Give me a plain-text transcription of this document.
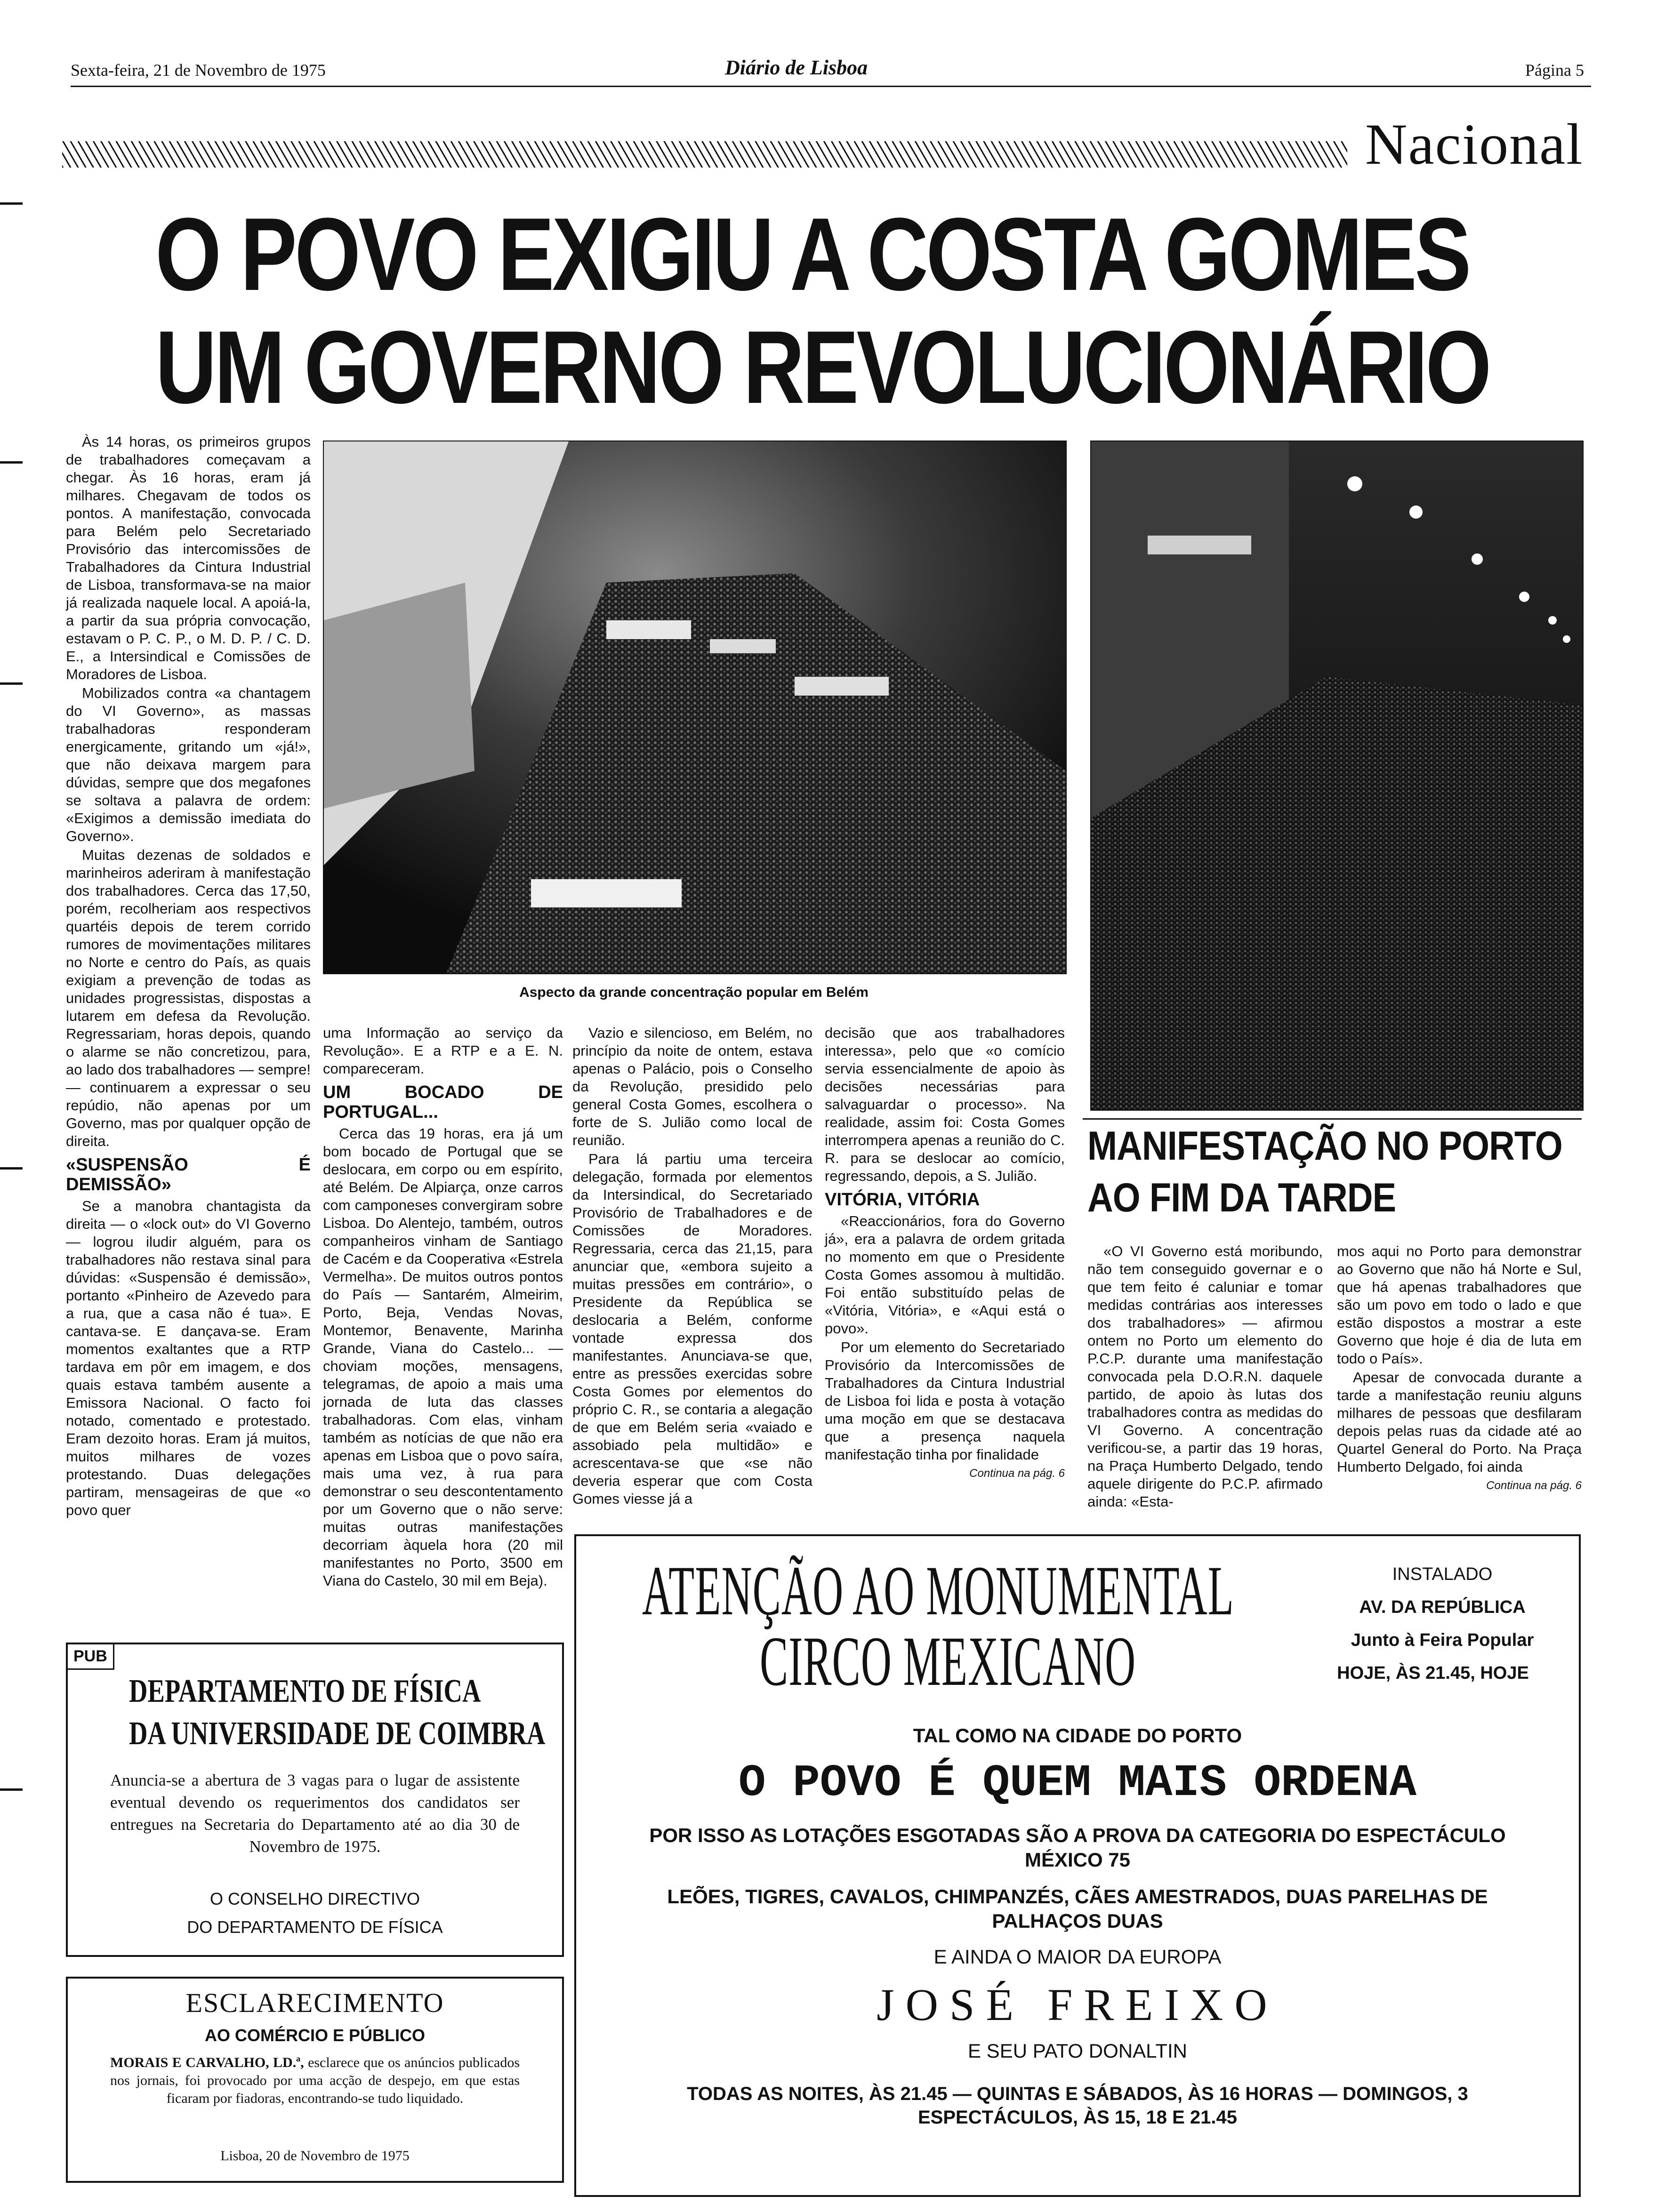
Sexta-feira, 21 de Novembro de 1975	Diário de Lisboa	Página 5
Nacional
O POVO EXIGIU A COSTA GOMES
UM GOVERNO REVOLUCIONÁRIO

Às 14 horas, os primeiros grupos de trabalhadores começavam a chegar. Às 16 horas, eram já milhares. Chegavam de todos os pontos. A manifestação, convocada para Belém pelo Secretariado Provisório das intercomissões de Trabalhadores da Cintura Industrial de Lisboa, transformava-se na maior já realizada naquele local. A apoiá-la, a partir da sua própria convocação, estavam o P. C. P., o M. D. P. / C. D. E., a Intersindical e Comissões de Moradores de Lisboa.

Mobilizados contra «a chantagem do VI Governo», as massas trabalhadoras responderam energicamente, gritando um «já!», que não deixava margem para dúvidas, sempre que dos megafones se soltava a palavra de ordem: «Exigimos a demissão imediata do Governo».

Muitas dezenas de soldados e marinheiros aderiram à manifestação dos trabalhadores. Cerca das 17,50, porém, recolheriam aos respectivos quartéis depois de terem corrido rumores de movimentações militares no Norte e centro do País, as quais exigiam a prevenção de todas as unidades progressistas, dispostas a lutarem em defesa da Revolução. Regressariam, horas depois, quando o alarme se não concretizou, para, ao lado dos trabalhadores — sempre! — continuarem a expressar o seu repúdio, não apenas por um Governo, mas por qualquer opção de direita.

«SUSPENSÃO É DEMISSÃO»

Se a manobra chantagista da direita — o «lock out» do VI Governo — logrou iludir alguém, para os trabalhadores não restava sinal para dúvidas: «Suspensão é demissão», portanto «Pinheiro de Azevedo para a rua, que a casa não é tua». E cantava-se. E dançava-se. Eram momentos exaltantes que a RTP tardava em pôr em imagem, e dos quais estava também ausente a Emissora Nacional. O facto foi notado, comentado e protestado. Eram dezoito horas. Eram já muitos, muitos milhares de vozes protestando. Duas delegações partiram, mensageiras de que «o povo quer

Aspecto da grande concentração popular em Belém

uma Informação ao serviço da Revolução». E a RTP e a E. N. compareceram.

UM BOCADO DE PORTUGAL...

Cerca das 19 horas, era já um bom bocado de Portugal que se deslocara, em corpo ou em espírito, até Belém. De Alpiarça, onze carros com camponeses convergiram sobre Lisboa. Do Alentejo, também, outros companheiros vinham de Santiago de Cacém e da Cooperativa «Estrela Vermelha». De muitos outros pontos do País — Santarém, Almeirim, Porto, Beja, Vendas Novas, Montemor, Benavente, Marinha Grande, Viana do Castelo... — choviam moções, mensagens, telegramas, de apoio a mais uma jornada de luta das classes trabalhadoras. Com elas, vinham também as notícias de que não era apenas em Lisboa que o povo saíra, mais uma vez, à rua para demonstrar o seu descontentamento por um Governo que o não serve: muitas outras manifestações decorriam àquela hora (20 mil manifestantes no Porto, 3500 em Viana do Castelo, 30 mil em Beja).

Vazio e silencioso, em Belém, no princípio da noite de ontem, estava apenas o Palácio, pois o Conselho da Revolução, presidido pelo general Costa Gomes, escolhera o forte de S. Julião como local de reunião.

Para lá partiu uma terceira delegação, formada por elementos da Intersindical, do Secretariado Provisório de Trabalhadores e de Comissões de Moradores. Regressaria, cerca das 21,15, para anunciar que, «embora sujeito a muitas pressões em contrário», o Presidente da República se deslocaria a Belém, conforme vontade expressa dos manifestantes. Anunciava-se que, entre as pressões exercidas sobre Costa Gomes por elementos do próprio C. R., se contaria a alegação de que em Belém seria «vaiado e assobiado pela multidão» e acrescentava-se que «se não deveria esperar que com Costa Gomes viesse já a

decisão que aos trabalhadores interessa», pelo que «o comício servia essencialmente de apoio às decisões necessárias para salvaguardar o processo». Na realidade, assim foi: Costa Gomes interrompera apenas a reunião do C. R. para se deslocar ao comício, regressando, depois, a S. Julião.

VITÓRIA, VITÓRIA

«Reaccionários, fora do Governo já», era a palavra de ordem gritada no momento em que o Presidente Costa Gomes assomou à multidão. Foi então substituído pelas de «Vitória, Vitória», e «Aqui está o povo».

Por um elemento do Secretariado Provisório da Intercomissões de Trabalhadores da Cintura Industrial de Lisboa foi lida e posta à votação uma moção em que se destacava que a presença naquela manifestação tinha por finalidade

Continua na pág. 6
MANIFESTAÇÃO NO PORTO
AO FIM DA TARDE

«O VI Governo está moribundo, não tem conseguido governar e o que tem feito é caluniar e tomar medidas contrárias aos interesses dos trabalhadores» — afirmou ontem no Porto um elemento do P.C.P. durante uma manifestação convocada pela D.O.R.N. daquele partido, de apoio às lutas dos trabalhadores contra as medidas do VI Governo. A concentração verificou-se, a partir das 19 horas, na Praça Humberto Delgado, tendo aquele dirigente do P.C.P. afirmado ainda: «Esta-

mos aqui no Porto para demonstrar ao Governo que não há Norte e Sul, que há apenas trabalhadores que são um povo em todo o lado e que estão dispostos a mostrar a este Governo que hoje é dia de luta em todo o País».

Apesar de convocada durante a tarde a manifestação reuniu alguns milhares de pessoas que desfilaram depois pelas ruas da cidade até ao Quartel General do Porto. Na Praça Humberto Delgado, foi ainda

Continua na pág. 6
PUB
DEPARTAMENTO DE FÍSICA
DA UNIVERSIDADE DE COIMBRA
Anuncia-se a abertura de 3 vagas para o lugar de assistente eventual devendo os requerimentos dos candidatos ser entregues na Secretaria do Departamento até ao dia 30 de Novembro de 1975.
O CONSELHO DIRECTIVO
DO DEPARTAMENTO DE FÍSICA
ESCLARECIMENTO
AO COMÉRCIO E PÚBLICO
MORAIS E CARVALHO, LD.ª, esclarece que os anúncios publicados nos jornais, foi provocado por uma acção de despejo, em que estas ficaram por fiadoras, encontrando-se tudo liquidado.
Lisboa, 20 de Novembro de 1975
ATENÇÃO AO MONUMENTAL
CIRCO MEXICANO
INSTALADO
AV. DA REPÚBLICA
Junto à Feira Popular
HOJE, ÀS 21.45, HOJE
TAL COMO NA CIDADE DO PORTO
O POVO É QUEM MAIS ORDENA
POR ISSO AS LOTAÇÕES ESGOTADAS SÃO A PROVA DA CATEGORIA DO ESPECTÁCULO MÉXICO 75
LEÕES, TIGRES, CAVALOS, CHIMPANZÉS, CÃES AMESTRADOS, DUAS PARELHAS DE PALHAÇOS DUAS
E AINDA O MAIOR DA EUROPA
JOSÉ FREIXO
E SEU PATO DONALTIN
TODAS AS NOITES, ÀS 21.45 — QUINTAS E SÁBADOS, ÀS 16 HORAS — DOMINGOS, 3 ESPECTÁCULOS, ÀS 15, 18 E 21.45
